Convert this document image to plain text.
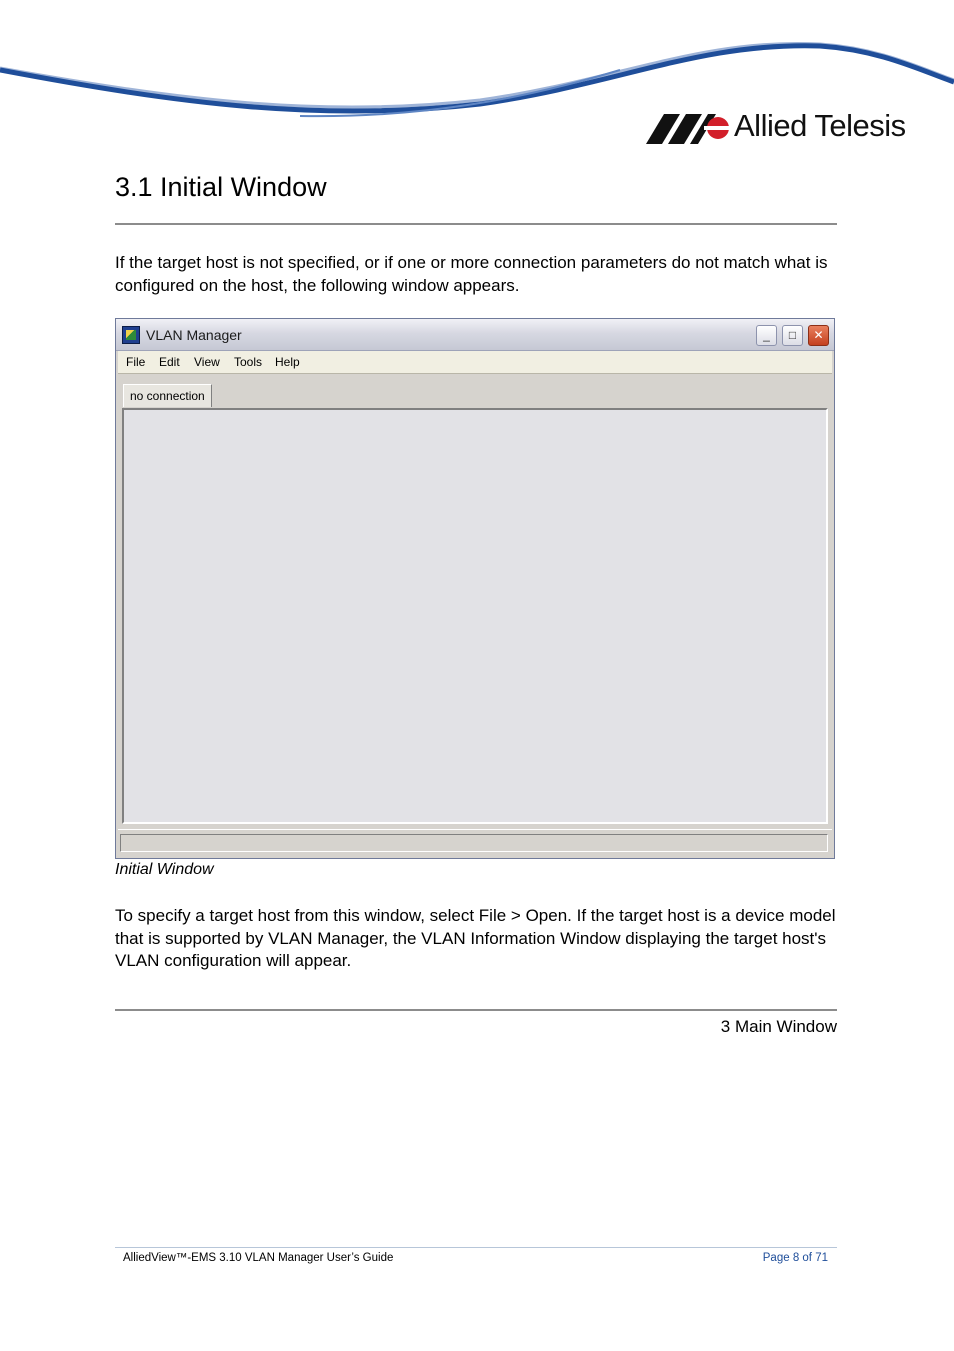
Allied Telesis
3.1 Initial Window

If the target host is not specified, or if one or more connection parameters do not match what is configured on the host, the following window appears.

VLAN Manager	_	□	✕
File Edit View Tools Help
no connection
Initial Window

To specify a target host from this window, select File > Open. If the target host is a device model that is supported by VLAN Manager, the VLAN Information Window displaying the target host's VLAN configuration will appear.

3 Main Window
AlliedView™-EMS 3.10 VLAN Manager User’s Guide	Page 8 of 71
